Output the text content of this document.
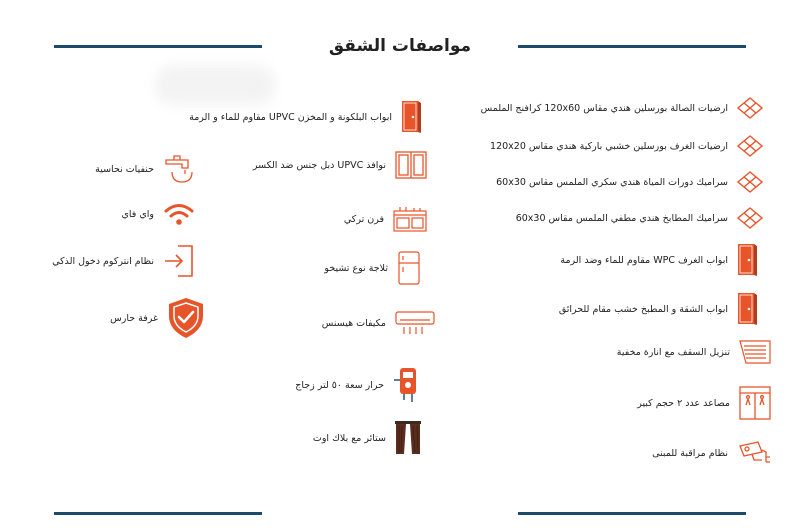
مواصفات الشقق
ارضيات الصالة بورسلين هندي مقاس 120x60 كرافنج الملمس
ارضيات الغرف بورسلين خشبي باركية هندي مقاس 120x20
سراميك دورات المياة هندي سكري الملمس مقاس 60x30
سراميك المطابخ هندي مطفي الملمس مقاس 60x30
ابواب الغرف WPC مقاوم للماء وضد الرمة
ابواب الشقة و المطبخ خشب مقام للحرائق
تنزيل السقف مع انارة مخفية
مصاعد عدد ٢ حجم كبير
نظام مراقبة للمبنى
ابواب البلكونة و المخزن UPVC مقاوم للماء و الرمة
نوافذ UPVC دبل جنس ضد الكسر
فرن تركي
ثلاجة نوع تشيخو
مكيفات هيسنس
حرار سعة ٥٠ لتر زجاج
ستائر مع بلاك اوت
حنفيات نحاسية
واي فاي
نظام انتركوم دخول الذكي
غرفة حارس
